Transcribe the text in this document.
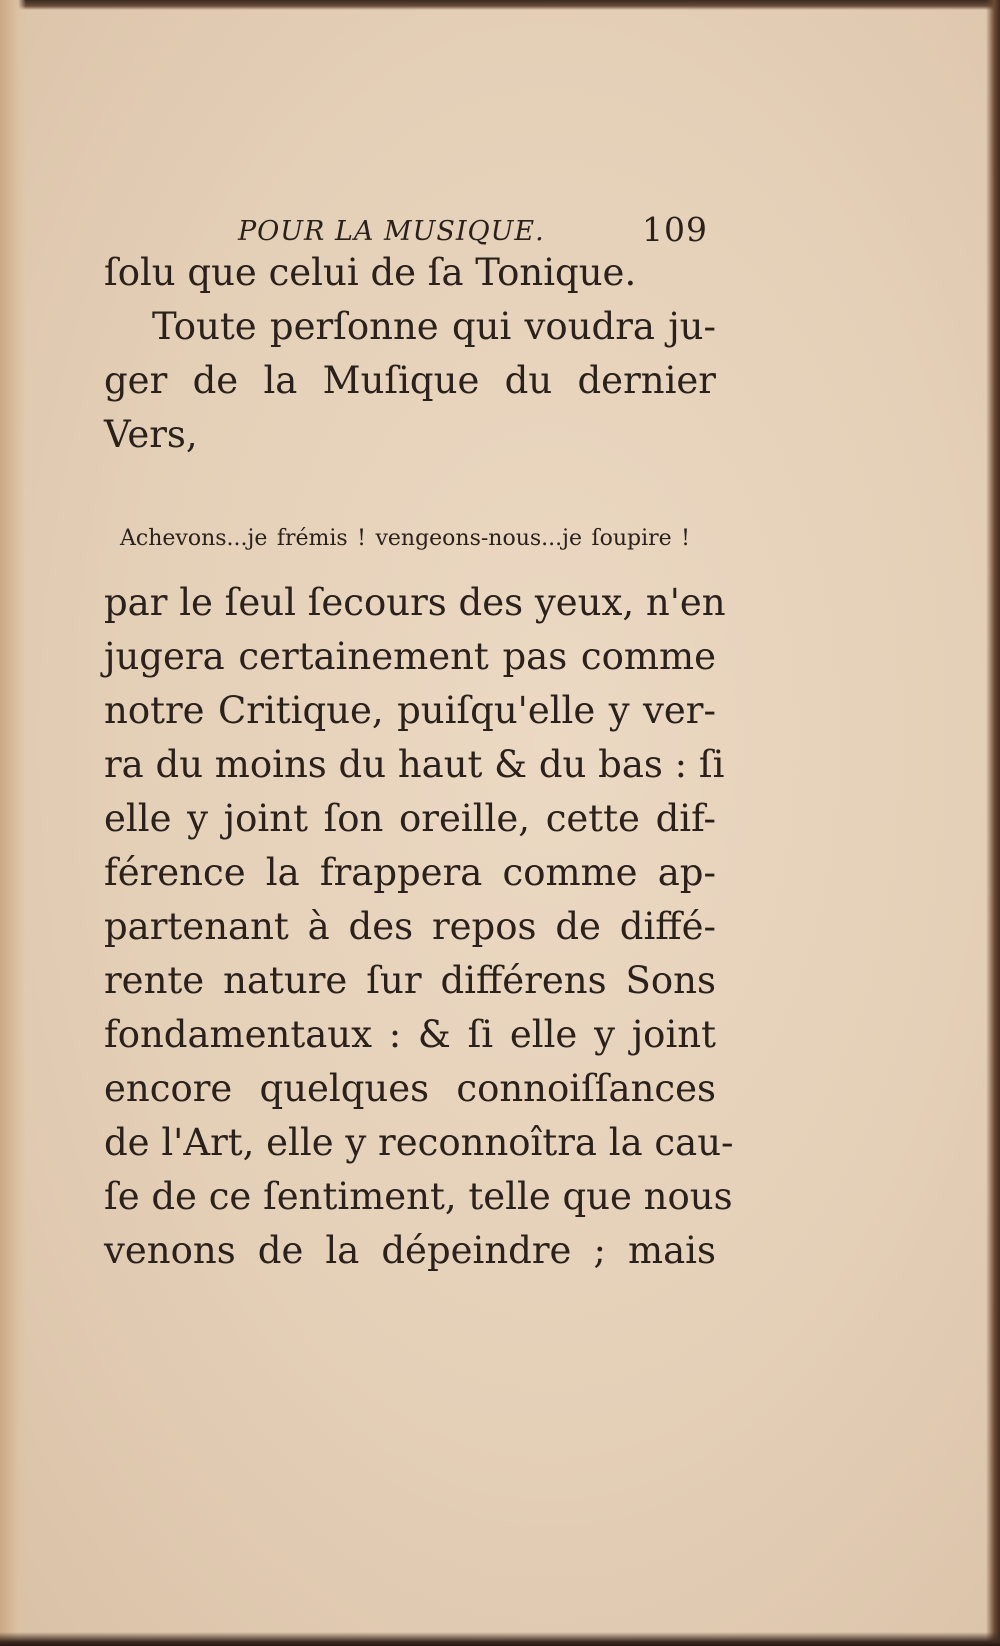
POUR LA MUSIQUE.	109
ſolu que celui de ſa Tonique.
Toute perſonne qui voudra ju-
ger de la Muſique du dernier
Vers,
Achevons...je frémis ! vengeons-nous...je ſoupire !
par le ſeul ſecours des yeux, n'en
jugera certainement pas comme
notre Critique, puiſqu'elle y ver-
ra du moins du haut & du bas : ſi
elle y joint ſon oreille, cette dif-
férence la frappera comme ap-
partenant à des repos de diffé-
rente nature ſur différens Sons
fondamentaux : & ſi elle y joint
encore quelques connoiſſances
de l'Art, elle y reconnoîtra la cau-
ſe de ce ſentiment, telle que nous
venons de la dépeindre ; mais
